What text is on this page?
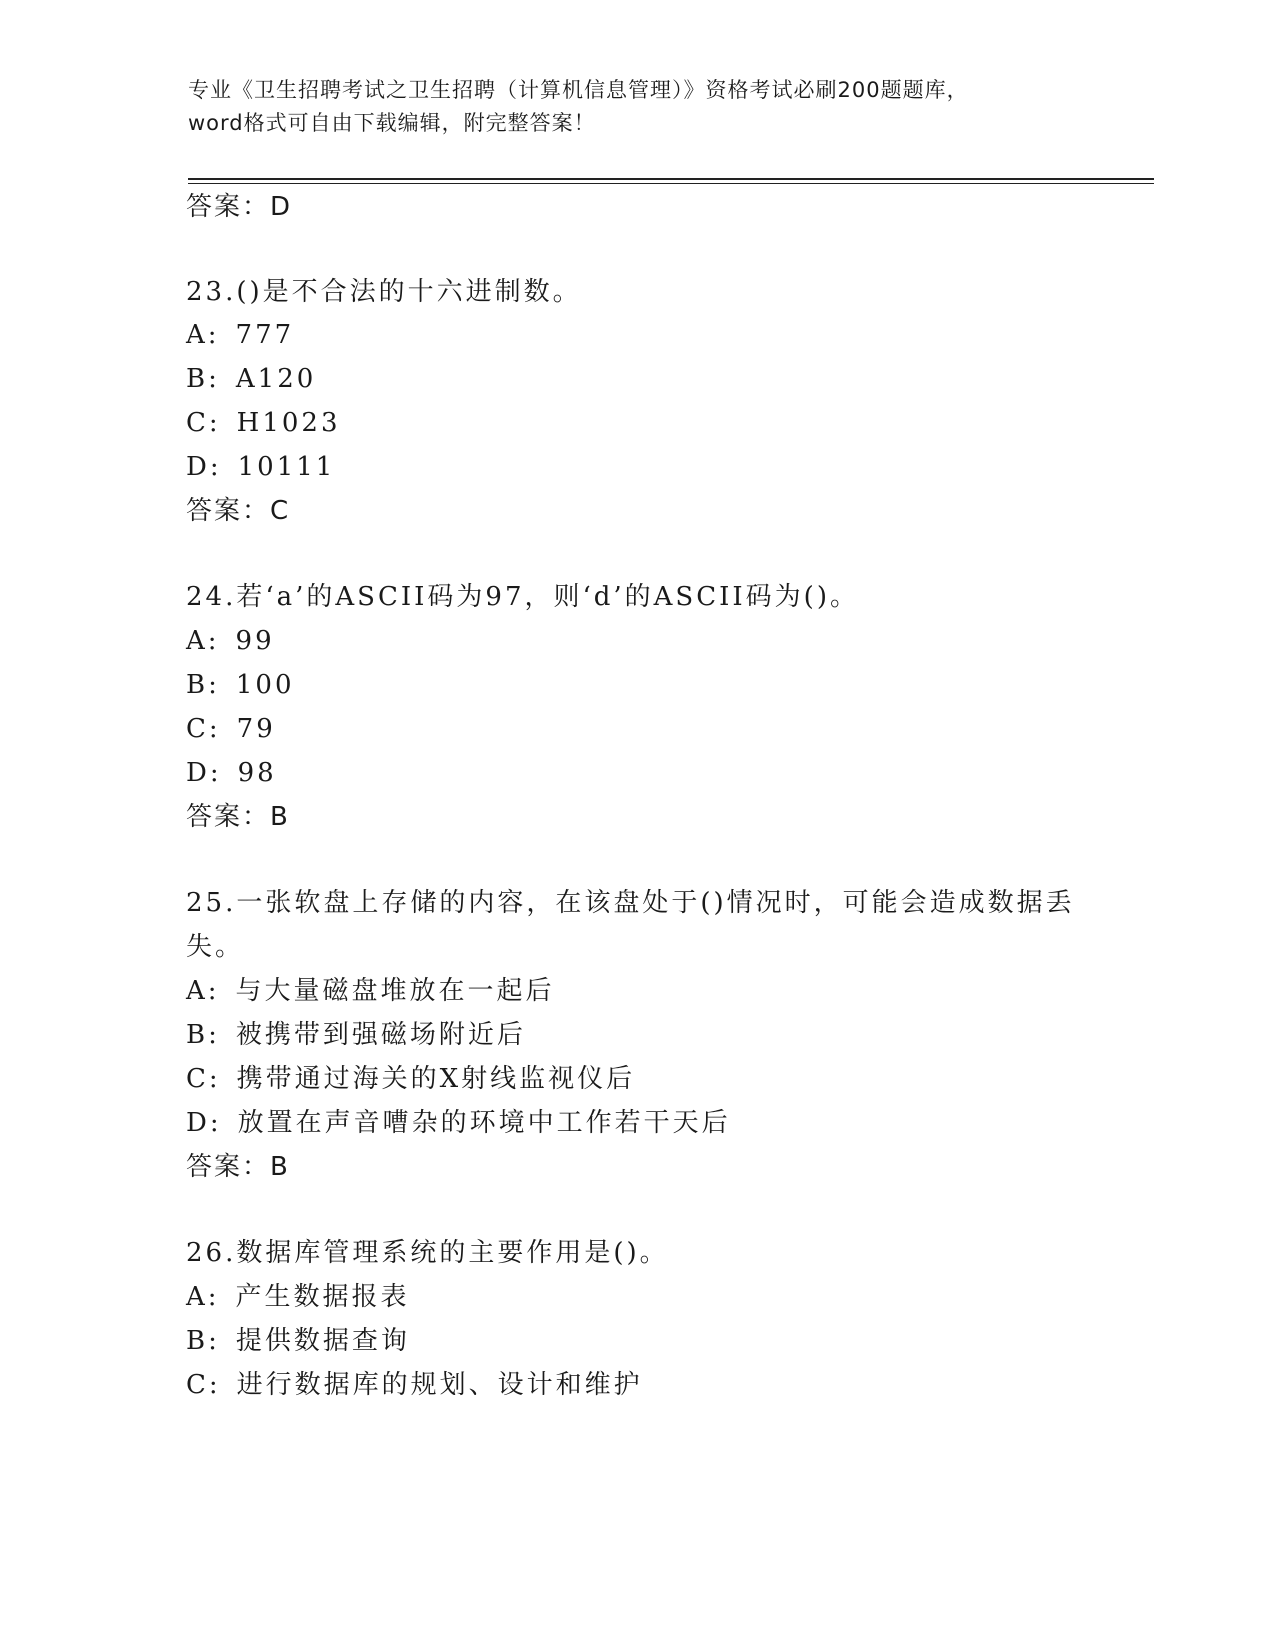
专业《卫生招聘考试之卫生招聘（计算机信息管理）》资格考试必刷200题题库，
word格式可自由下载编辑，附完整答案！
答案：D
23.()是不合法的十六进制数。
A: 777
B: A120
C: H1023
D: 10111
答案：C
24.若‘a’的ASCII码为97，则‘d’的ASCII码为()。
A: 99
B: 100
C: 79
D: 98
答案：B
25.一张软盘上存储的内容，在该盘处于()情况时，可能会造成数据丢
失。
A: 与大量磁盘堆放在一起后
B: 被携带到强磁场附近后
C: 携带通过海关的X射线监视仪后
D: 放置在声音嘈杂的环境中工作若干天后
答案：B
26.数据库管理系统的主要作用是()。
A: 产生数据报表
B: 提供数据查询
C: 进行数据库的规划、设计和维护
